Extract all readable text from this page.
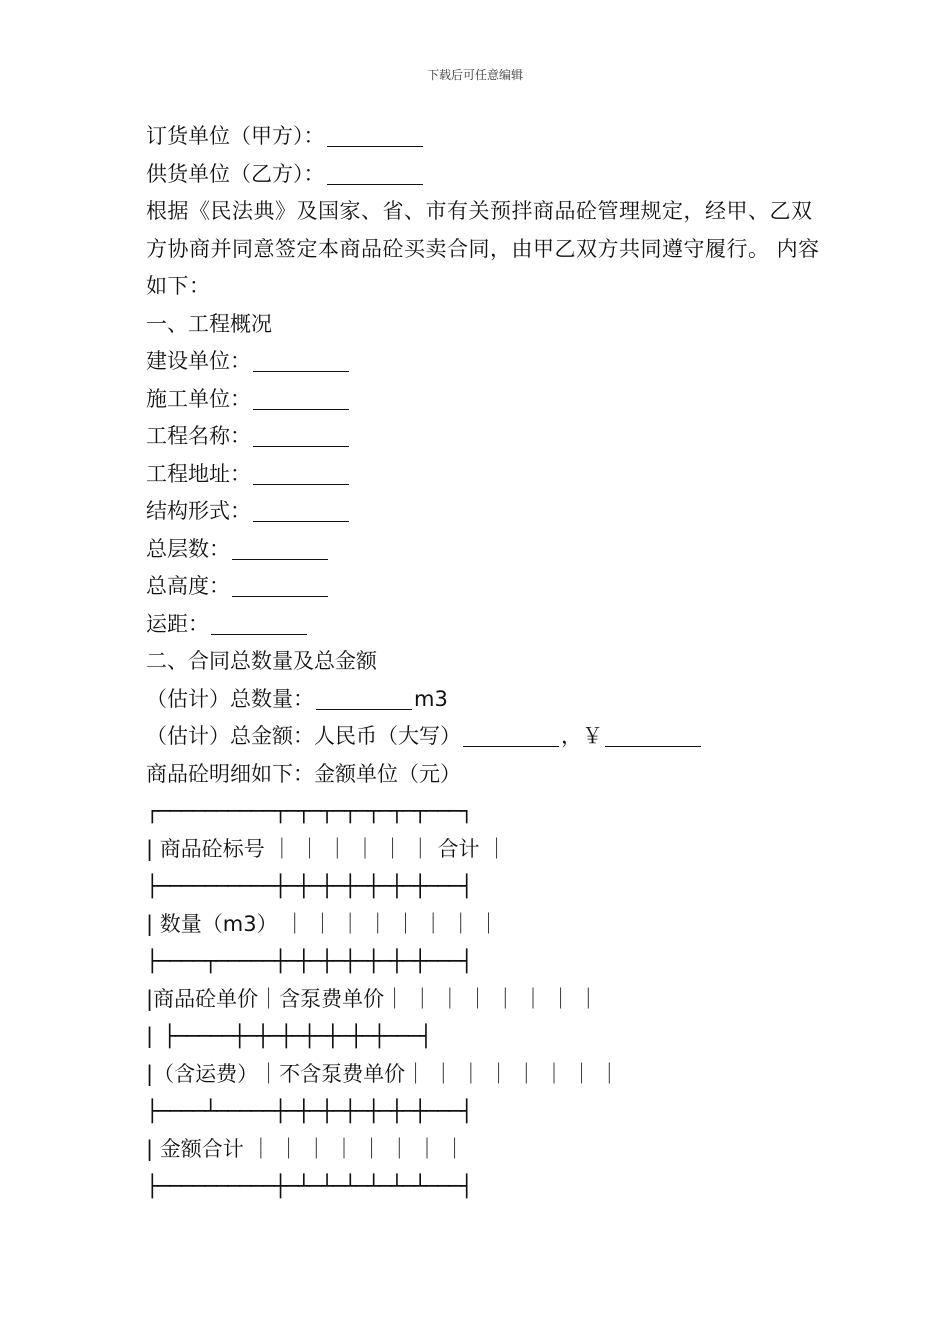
下载后可任意编辑
订货单位（甲方）：
供货单位（乙方）：
根据《民法典》及国家、省、市有关预拌商品砼管理规定，经甲、乙双方协商并同意签定本商品砼买卖合同，由甲乙双方共同遵守履行。 内容如下：
一、工程概况
建设单位：
施工单位：
工程名称：
工程地址：
结构形式：
总层数：
总高度：
运距：
二、合同总数量及总金额
（估计）总数量：	m3
（估计）总金额：人民币（大写）	，￥
商品砼明细如下：金额单位（元）
┌──────────┬─┬─┬─┬─┬─┬─┬───┐
| 商品砼标号 ｜ ｜ ｜ ｜ ｜ ｜ 合计 ｜
├──────────┼─┼─┼─┼─┼─┼─┼───┤
| 数量（m3） ｜ ｜ ｜ ｜ ｜ ｜ ｜ ｜
├────┬─────┼─┼─┼─┼─┼─┼─┼───┤
|商品砼单价｜含泵费单价｜ ｜ ｜ ｜ ｜ ｜ ｜ ｜
|  ├─────┼─┼─┼─┼─┼─┼─┼───┤
|（含运费）｜不含泵费单价｜ ｜ ｜ ｜ ｜ ｜ ｜ ｜
├────┴─────┼─┼─┼─┼─┼─┼─┼───┤
| 金额合计 ｜ ｜ ｜ ｜ ｜ ｜ ｜ ｜
├──────────┼─┴─┴─┴─┴─┴─┴───┤
